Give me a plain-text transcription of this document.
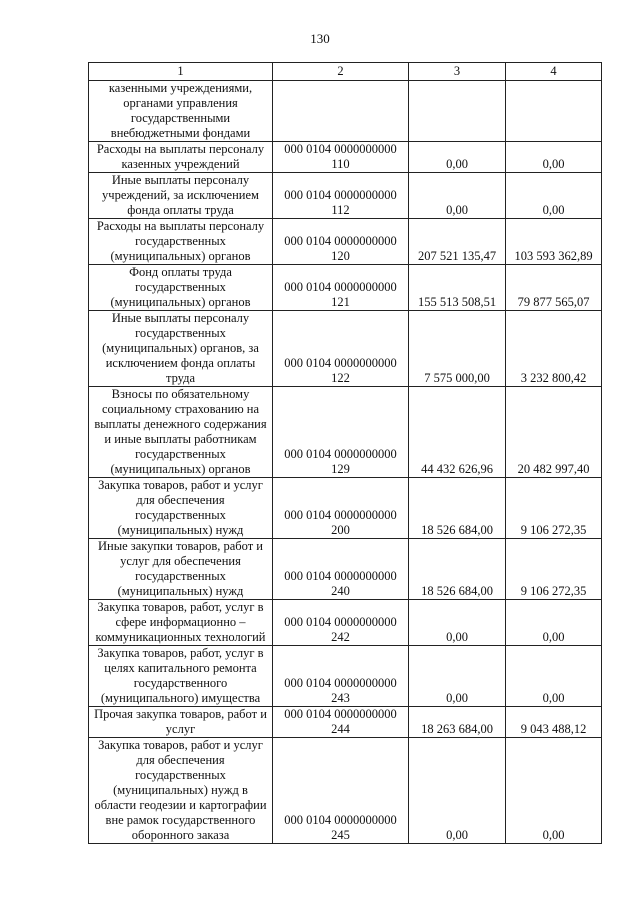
130
1	2	3	4
казенными учреждениями, органами управления государственными внебюджетными фондами			
Расходы на выплаты персоналу казенных учреждений	000 0104 0000000000 110	0,00	0,00
Иные выплаты персоналу учреждений, за исключением фонда оплаты труда	000 0104 0000000000 112	0,00	0,00
Расходы на выплаты персоналу государственных (муниципальных) органов	000 0104 0000000000 120	207 521 135,47	103 593 362,89
Фонд оплаты труда государственных (муниципальных) органов	000 0104 0000000000 121	155 513 508,51	79 877 565,07
Иные выплаты персоналу государственных (муниципальных) органов, за исключением фонда оплаты труда	000 0104 0000000000 122	7 575 000,00	3 232 800,42
Взносы по обязательному социальному страхованию на выплаты денежного содержания и иные выплаты работникам государственных (муниципальных) органов	000 0104 0000000000 129	44 432 626,96	20 482 997,40
Закупка товаров, работ и услуг для обеспечения государственных (муниципальных) нужд	000 0104 0000000000 200	18 526 684,00	9 106 272,35
Иные закупки товаров, работ и услуг для обеспечения государственных (муниципальных) нужд	000 0104 0000000000 240	18 526 684,00	9 106 272,35
Закупка товаров, работ, услуг в сфере информационно – коммуникационных технологий	000 0104 0000000000 242	0,00	0,00
Закупка товаров, работ, услуг в целях капитального ремонта государственного (муниципального) имущества	000 0104 0000000000 243	0,00	0,00
Прочая закупка товаров, работ и услуг	000 0104 0000000000 244	18 263 684,00	9 043 488,12
Закупка товаров, работ и услуг для обеспечения государственных (муниципальных) нужд в области геодезии и картографии вне рамок государственного оборонного заказа	000 0104 0000000000 245	0,00	0,00
